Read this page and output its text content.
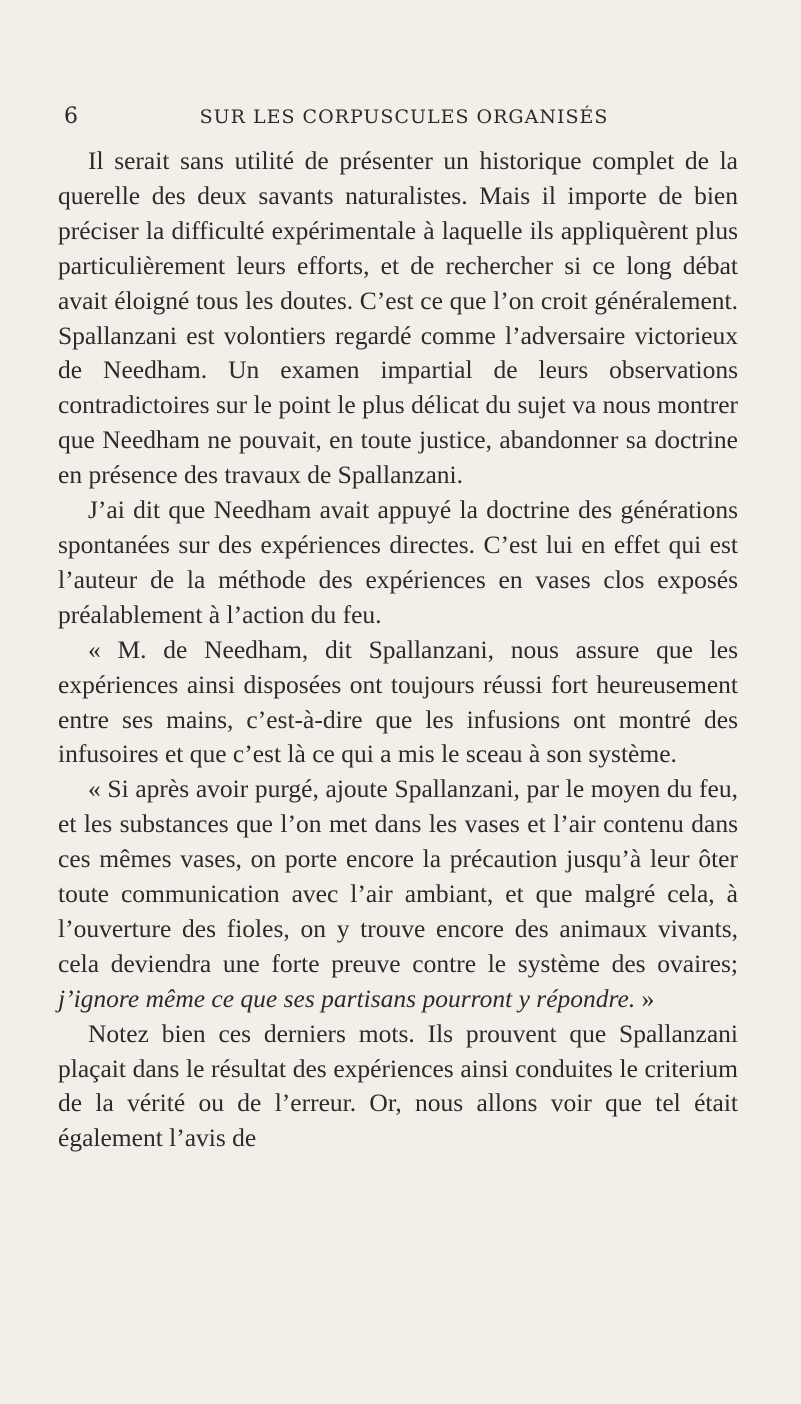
6	SUR LES CORPUSCULES ORGANISÉS

Il serait sans utilité de présenter un historique complet de la querelle des deux savants naturalistes. Mais il importe de bien préciser la difficulté expérimentale à laquelle ils appliquèrent plus particulièrement leurs efforts, et de rechercher si ce long débat avait éloigné tous les doutes. C’est ce que l’on croit généralement. Spallanzani est volontiers regardé comme l’adversaire victorieux de Needham. Un examen impartial de leurs observations contradictoires sur le point le plus délicat du sujet va nous montrer que Needham ne pouvait, en toute justice, abandonner sa doctrine en présence des travaux de Spallanzani.

J’ai dit que Needham avait appuyé la doctrine des générations spontanées sur des expériences directes. C’est lui en effet qui est l’auteur de la méthode des expériences en vases clos exposés préalablement à l’action du feu.

« M. de Needham, dit Spallanzani, nous assure que les expériences ainsi disposées ont toujours réussi fort heureusement entre ses mains, c’est-à-dire que les infusions ont montré des infusoires et que c’est là ce qui a mis le sceau à son système.

« Si après avoir purgé, ajoute Spallanzani, par le moyen du feu, et les substances que l’on met dans les vases et l’air contenu dans ces mêmes vases, on porte encore la précaution jusqu’à leur ôter toute communication avec l’air ambiant, et que malgré cela, à l’ouverture des fioles, on y trouve encore des animaux vivants, cela deviendra une forte preuve contre le système des ovaires; j’ignore même ce que ses partisans pourront y répondre. »

Notez bien ces derniers mots. Ils prouvent que Spallanzani plaçait dans le résultat des expériences ainsi conduites le criterium de la vérité ou de l’erreur. Or, nous allons voir que tel était également l’avis de
